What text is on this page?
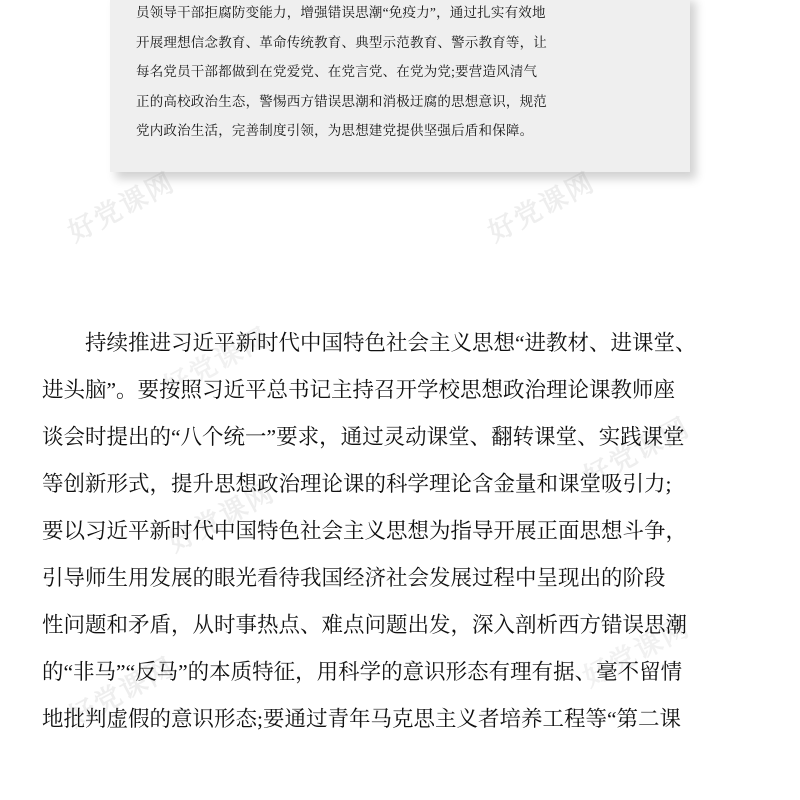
员领导干部拒腐防变能力，增强错误思潮“免疫力”，通过扎实有效地

开展理想信念教育、革命传统教育、典型示范教育、警示教育等，让

每名党员干部都做到在党爱党、在党言党、在党为党;要营造风清气

正的高校政治生态，警惕西方错误思潮和消极迂腐的思想意识，规范

党内政治生活，完善制度引领，为思想建党提供坚强后盾和保障。

好党课网	好党课网
好党课网
好党课网
好党课网
好党课网
好党课网

持续推进习近平新时代中国特色社会主义思想“进教材、进课堂、

进头脑”。要按照习近平总书记主持召开学校思想政治理论课教师座

谈会时提出的“八个统一”要求，通过灵动课堂、翻转课堂、实践课堂

等创新形式，提升思想政治理论课的科学理论含金量和课堂吸引力;

要以习近平新时代中国特色社会主义思想为指导开展正面思想斗争，

引导师生用发展的眼光看待我国经济社会发展过程中呈现出的阶段

性问题和矛盾，从时事热点、难点问题出发，深入剖析西方错误思潮

的“非马”“反马”的本质特征，用科学的意识形态有理有据、毫不留情

地批判虚假的意识形态;要通过青年马克思主义者培养工程等“第二课
